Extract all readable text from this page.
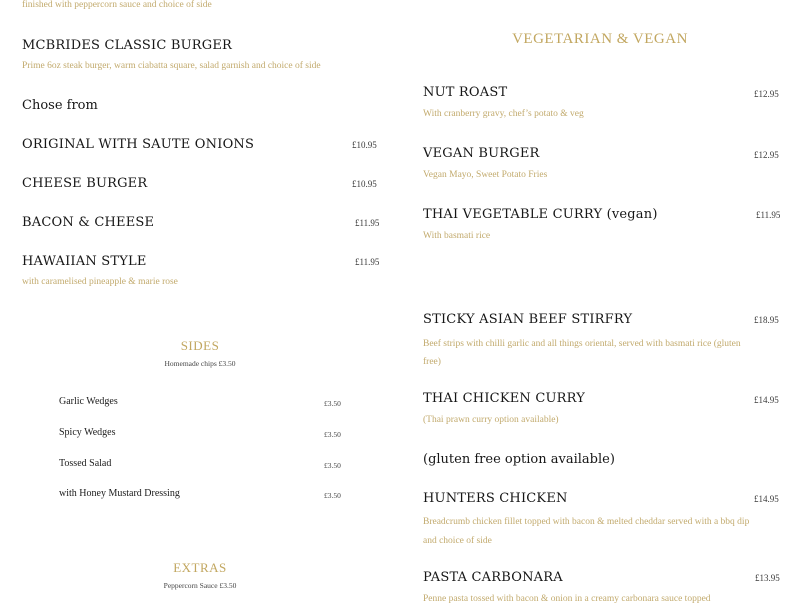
finished with peppercorn sauce and choice of side
MCBRIDES CLASSIC BURGER
Prime 6oz steak burger, warm ciabatta square, salad garnish and choice of side
Chose from
ORIGINAL WITH SAUTE ONIONS	£10.95
CHEESE BURGER	£10.95
BACON & CHEESE	£11.95
HAWAIIAN STYLE	£11.95
with caramelised pineapple & marie rose
SIDES
Homemade chips £3.50
Garlic Wedges	£3.50
Spicy Wedges	£3.50
Tossed Salad	£3.50
with Honey Mustard Dressing	£3.50
EXTRAS
Peppercorn Sauce £3.50
VEGETARIAN & VEGAN
NUT ROAST	£12.95
With cranberry gravy, chef’s potato & veg
VEGAN BURGER	£12.95
Vegan Mayo, Sweet Potato Fries
THAI VEGETABLE CURRY (vegan)	£11.95
With basmati rice
STICKY ASIAN BEEF STIRFRY	£18.95
Beef strips with chilli garlic and all things oriental, served with basmati rice (gluten free)
THAI CHICKEN CURRY	£14.95
(Thai prawn curry option available)
(gluten free option available)
HUNTERS CHICKEN	£14.95
Breadcrumb chicken fillet topped with bacon & melted cheddar served with a bbq dip and choice of side
PASTA CARBONARA	£13.95
Penne pasta tossed with bacon & onion in a creamy carbonara sauce topped
